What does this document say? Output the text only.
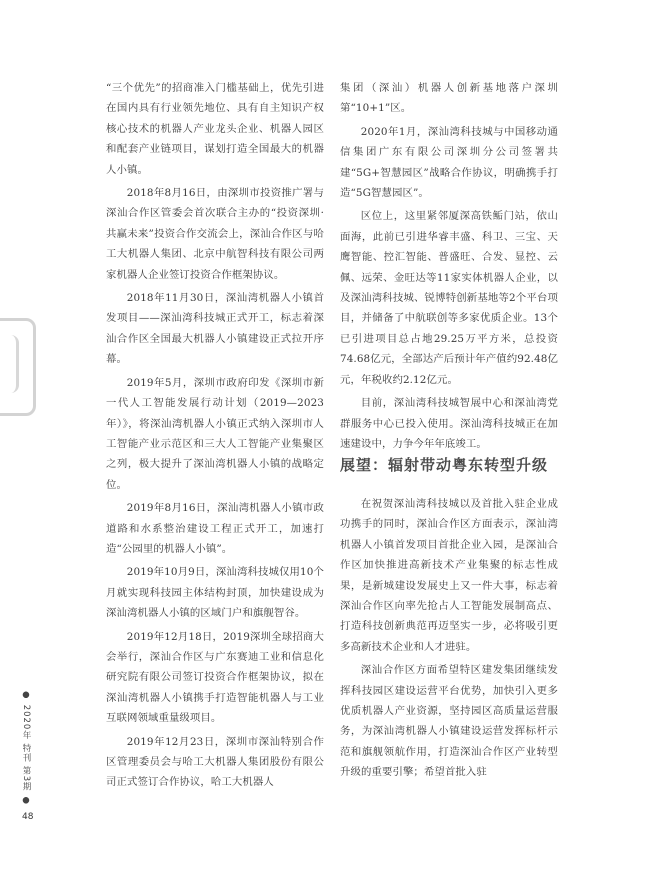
“三个优先”的招商准入门槛基础上，优先引进在国内具有行业领先地位、具有自主知识产权核心技术的机器人产业龙头企业、机器人园区和配套产业链项目，谋划打造全国最大的机器人小镇。

2018年8月16日，由深圳市投资推广署与深汕合作区管委会首次联合主办的“投资深圳·共赢未来”投资合作交流会上，深汕合作区与哈工大机器人集团、北京中航智科技有限公司两家机器人企业签订投资合作框架协议。

2018年11月30日，深汕湾机器人小镇首发项目——深汕湾科技城正式开工，标志着深汕合作区全国最大机器人小镇建设正式拉开序幕。

2019年5月，深圳市政府印发《深圳市新一代人工智能发展行动计划（2019—2023年）》，将深汕湾机器人小镇正式纳入深圳市人工智能产业示范区和三大人工智能产业集聚区之列，极大提升了深汕湾机器人小镇的战略定位。

2019年8月16日，深汕湾机器人小镇市政道路和水系整治建设工程正式开工，加速打造“公园里的机器人小镇”。

2019年10月9日，深汕湾科技城仅用10个月就实现科技园主体结构封顶，加快建设成为深汕湾机器人小镇的区域门户和旗舰智谷。

2019年12月18日，2019深圳全球招商大会举行，深汕合作区与广东赛迪工业和信息化研究院有限公司签订投资合作框架协议，拟在深汕湾机器人小镇携手打造智能机器人与工业互联网领域重量级项目。

2019年12月23日，深圳市深汕特别合作区管理委员会与哈工大机器人集团股份有限公司正式签订合作协议，哈工大机器人

集团（深汕）机器人创新基地落户深圳第“10+1”区。

2020年1月，深汕湾科技城与中国移动通信集团广东有限公司深圳分公司签署共建“5G+智慧园区”战略合作协议，明确携手打造“5G智慧园区”。

区位上，这里紧邻厦深高铁鲘门站，依山面海，此前已引进华睿丰盛、科卫、三宝、天鹰智能、控汇智能、普盛旺、合发、显控、云佩、远荣、金旺达等11家实体机器人企业，以及深汕湾科技城、锐博特创新基地等2个平台项目，并储备了中航联创等多家优质企业。13个已引进项目总占地29.25万平方米，总投资74.68亿元，全部达产后预计年产值约92.48亿元，年税收约2.12亿元。

目前，深汕湾科技城智展中心和深汕湾党群服务中心已投入使用。深汕湾科技城正在加速建设中，力争今年年底竣工。

展望：辐射带动粤东转型升级

在祝贺深汕湾科技城以及首批入驻企业成功携手的同时，深汕合作区方面表示，深汕湾机器人小镇首发项目首批企业入园，是深汕合作区加快推进高新技术产业集聚的标志性成果，是新城建设发展史上又一件大事，标志着深汕合作区向率先抢占人工智能发展制高点、打造科技创新典范再迈坚实一步，必将吸引更多高新技术企业和人才进驻。

深汕合作区方面希望特区建发集团继续发挥科技园区建设运营平台优势，加快引入更多优质机器人产业资源，坚持园区高质量运营服务，为深汕湾机器人小镇建设运营发挥标杆示范和旗舰领航作用，打造深汕合作区产业转型升级的重要引擎；希望首批入驻

● 2020年 特刊 第3期 ●
48
